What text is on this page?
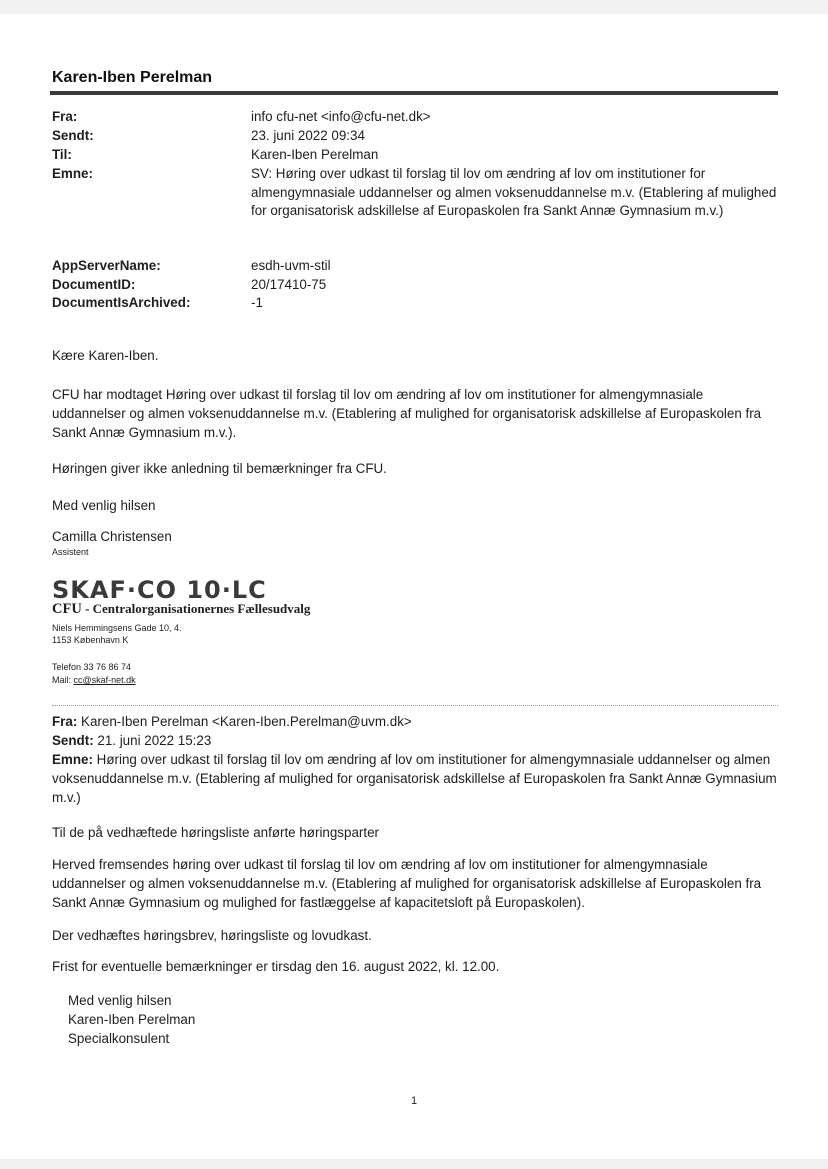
Karen-Iben Perelman
Fra:	info cfu-net <info@cfu-net.dk>
Sendt:	23. juni 2022 09:34
Til:	Karen-Iben Perelman
Emne:	SV: Høring over udkast til forslag til lov om ændring af lov om institutioner for almengymnasiale uddannelser og almen voksenuddannelse m.v. (Etablering af mulighed for organisatorisk adskillelse af Europaskolen fra Sankt Annæ Gymnasium m.v.)
AppServerName:	esdh-uvm-stil
DocumentID:	20/17410-75
DocumentIsArchived:	-1
Kære Karen-Iben.
CFU har modtaget Høring over udkast til forslag til lov om ændring af lov om institutioner for almengymnasiale uddannelser og almen voksenuddannelse m.v. (Etablering af mulighed for organisatorisk adskillelse af Europaskolen fra Sankt Annæ Gymnasium m.v.).
Høringen giver ikke anledning til bemærkninger fra CFU.
Med venlig hilsen
Camilla Christensen
Assistent
SKAF·CO 10·LC
CFU - Centralorganisationernes Fællesudvalg
Niels Hemmingsens Gade 10, 4.
1153 København K
Telefon 33 76 86 74
Mail: cc@skaf-net.dk
Fra: Karen-Iben Perelman <Karen-Iben.Perelman@uvm.dk>
Sendt: 21. juni 2022 15:23
Emne: Høring over udkast til forslag til lov om ændring af lov om institutioner for almengymnasiale uddannelser og almen voksenuddannelse m.v. (Etablering af mulighed for organisatorisk adskillelse af Europaskolen fra Sankt Annæ Gymnasium m.v.)
Til de på vedhæftede høringsliste anførte høringsparter
Herved fremsendes høring over udkast til forslag til lov om ændring af lov om institutioner for almengymnasiale uddannelser og almen voksenuddannelse m.v. (Etablering af mulighed for organisatorisk adskillelse af Europaskolen fra Sankt Annæ Gymnasium og mulighed for fastlæggelse af kapacitetsloft på Europaskolen).
Der vedhæftes høringsbrev, høringsliste og lovudkast.
Frist for eventuelle bemærkninger er tirsdag den 16. august 2022, kl. 12.00.
Med venlig hilsen
Karen-Iben Perelman
Specialkonsulent
1
